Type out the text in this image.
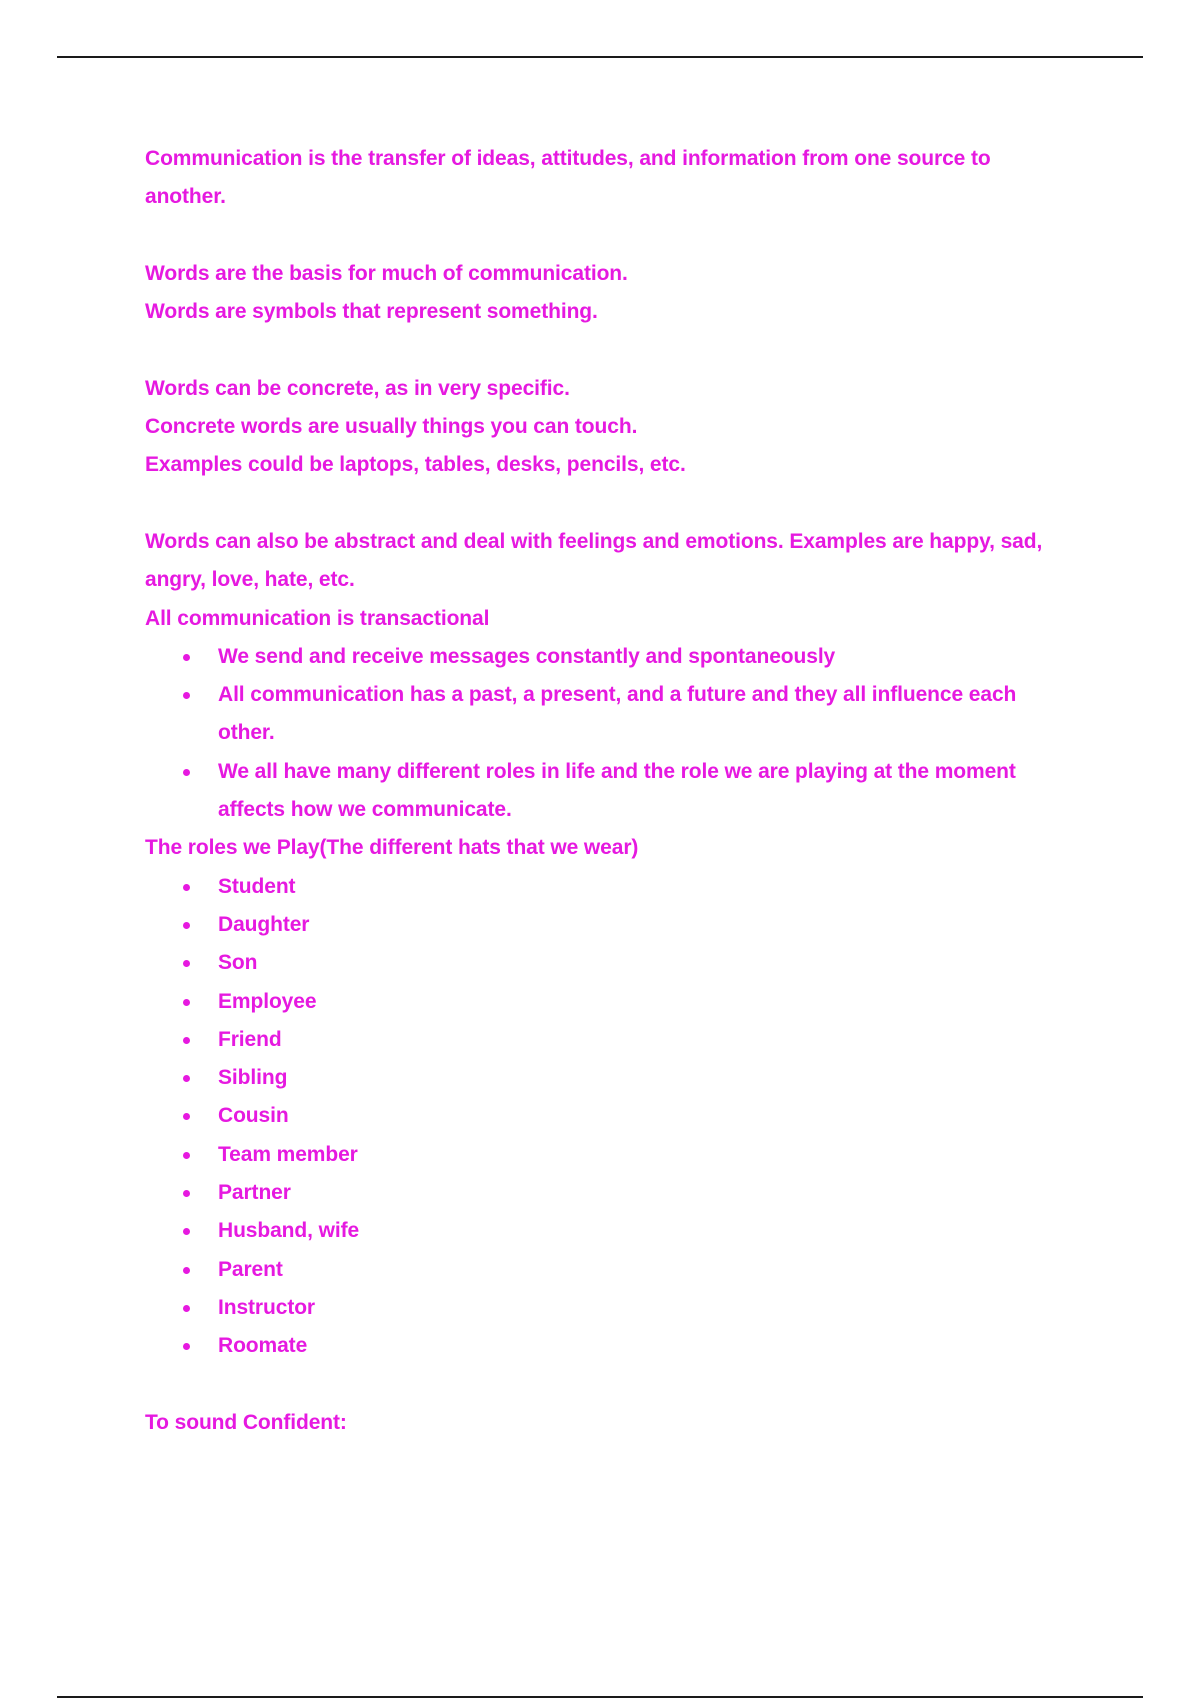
Communication is the transfer of ideas, attitudes, and information from one source to another.

Words are the basis for much of communication.

Words are symbols that represent something.

Words can be concrete, as in very specific.

Concrete words are usually things you can touch.

Examples could be laptops, tables, desks, pencils, etc.

Words can also be abstract and deal with feelings and emotions. Examples are happy, sad, angry, love, hate, etc.

All communication is transactional

We send and receive messages constantly and spontaneously
All communication has a past, a present, and a future and they all influence each other.
We all have many different roles in life and the role we are playing at the moment affects how we communicate.

The roles we Play(The different hats that we wear)

Student
Daughter
Son
Employee
Friend
Sibling
Cousin
Team member
Partner
Husband, wife
Parent
Instructor
Roomate

To sound Confident:
